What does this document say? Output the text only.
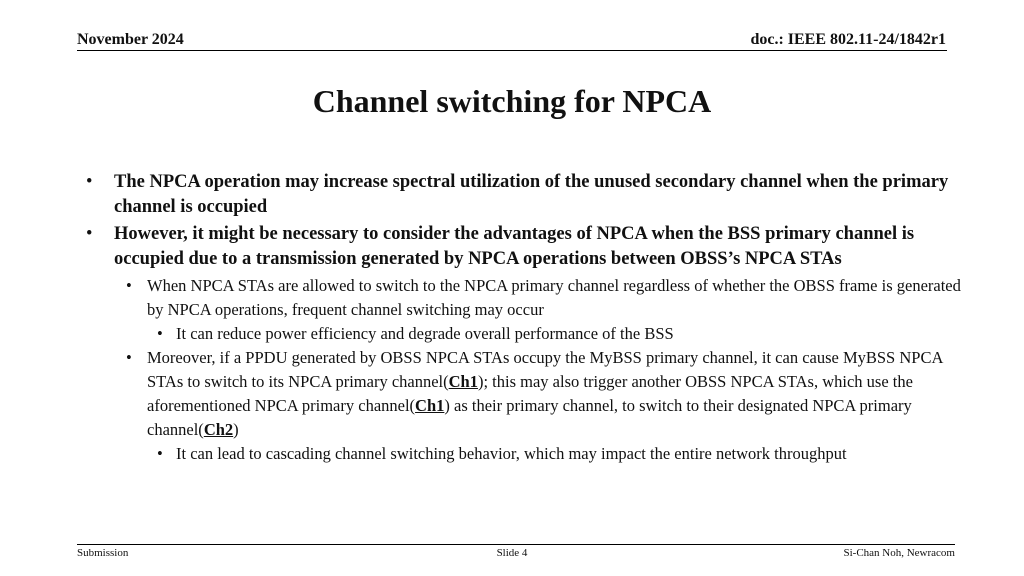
November 2024	doc.: IEEE 802.11-24/1842r1
Channel switching for NPCA
• The NPCA operation may increase spectral utilization of the unused secondary channel when the primary channel is occupied
• However, it might be necessary to consider the advantages of NPCA when the BSS primary channel is occupied due to a transmission generated by NPCA operations between OBSS’s NPCA STAs
• When NPCA STAs are allowed to switch to the NPCA primary channel regardless of whether the OBSS frame is generated by NPCA operations, frequent channel switching may occur
• It can reduce power efficiency and degrade overall performance of the BSS
• Moreover, if a PPDU generated by OBSS NPCA STAs occupy the MyBSS primary channel, it can cause MyBSS NPCA STAs to switch to its NPCA primary channel(Ch1); this may also trigger another OBSS NPCA STAs, which use the aforementioned NPCA primary channel(Ch1) as their primary channel, to switch to their designated NPCA primary channel(Ch2)
• It can lead to cascading channel switching behavior, which may impact the entire network throughput
Submission	Slide 4	Si-Chan Noh, Newracom
